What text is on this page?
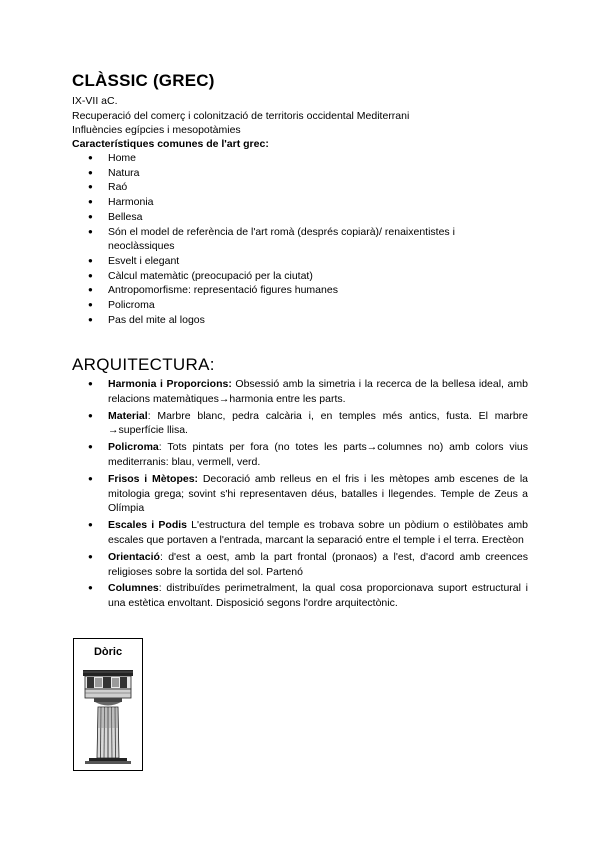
CLÀSSIC (GREC)
IX-VII aC.
Recuperació del comerç i colonització de territoris occidental Mediterrani
Influències egípcies i mesopotàmies
Característiques comunes de l'art grec:
● Home
● Natura
● Raó
● Harmonia
● Bellesa
● Són el model de referència de l'art romà (després copiarà)/ renaixentistes i neoclàssiques
● Esvelt i elegant
● Càlcul matemàtic (preocupació per la ciutat)
● Antropomorfisme: representació figures humanes
● Policroma
● Pas del mite al logos
ARQUITECTURA:
● Harmonia i Proporcions: Obsessió amb la simetria i la recerca de la bellesa ideal, amb relacions matemàtiques→harmonia entre les parts.
● Material: Marbre blanc, pedra calcària i, en temples més antics, fusta. El marbre →superfície llisa.
● Policroma: Tots pintats per fora (no totes les parts→columnes no) amb colors vius mediterranis: blau, vermell, verd.
● Frisos i Mètopes: Decoració amb relleus en el fris i les mètopes amb escenes de la mitologia grega; sovint s'hi representaven déus, batalles i llegendes. Temple de Zeus a Olímpia
● Escales i Podis L'estructura del temple es trobava sobre un pòdium o estilòbates amb escales que portaven a l'entrada, marcant la separació entre el temple i el terra. Erectèon
● Orientació: d'est a oest, amb la part frontal (pronaos) a l'est, d'acord amb creences religioses sobre la sortida del sol. Partenó
● Columnes: distribuïdes perimetralment, la qual cosa proporcionava suport estructural i una estètica envoltant. Disposició segons l'ordre arquitectònic.
Dòric
